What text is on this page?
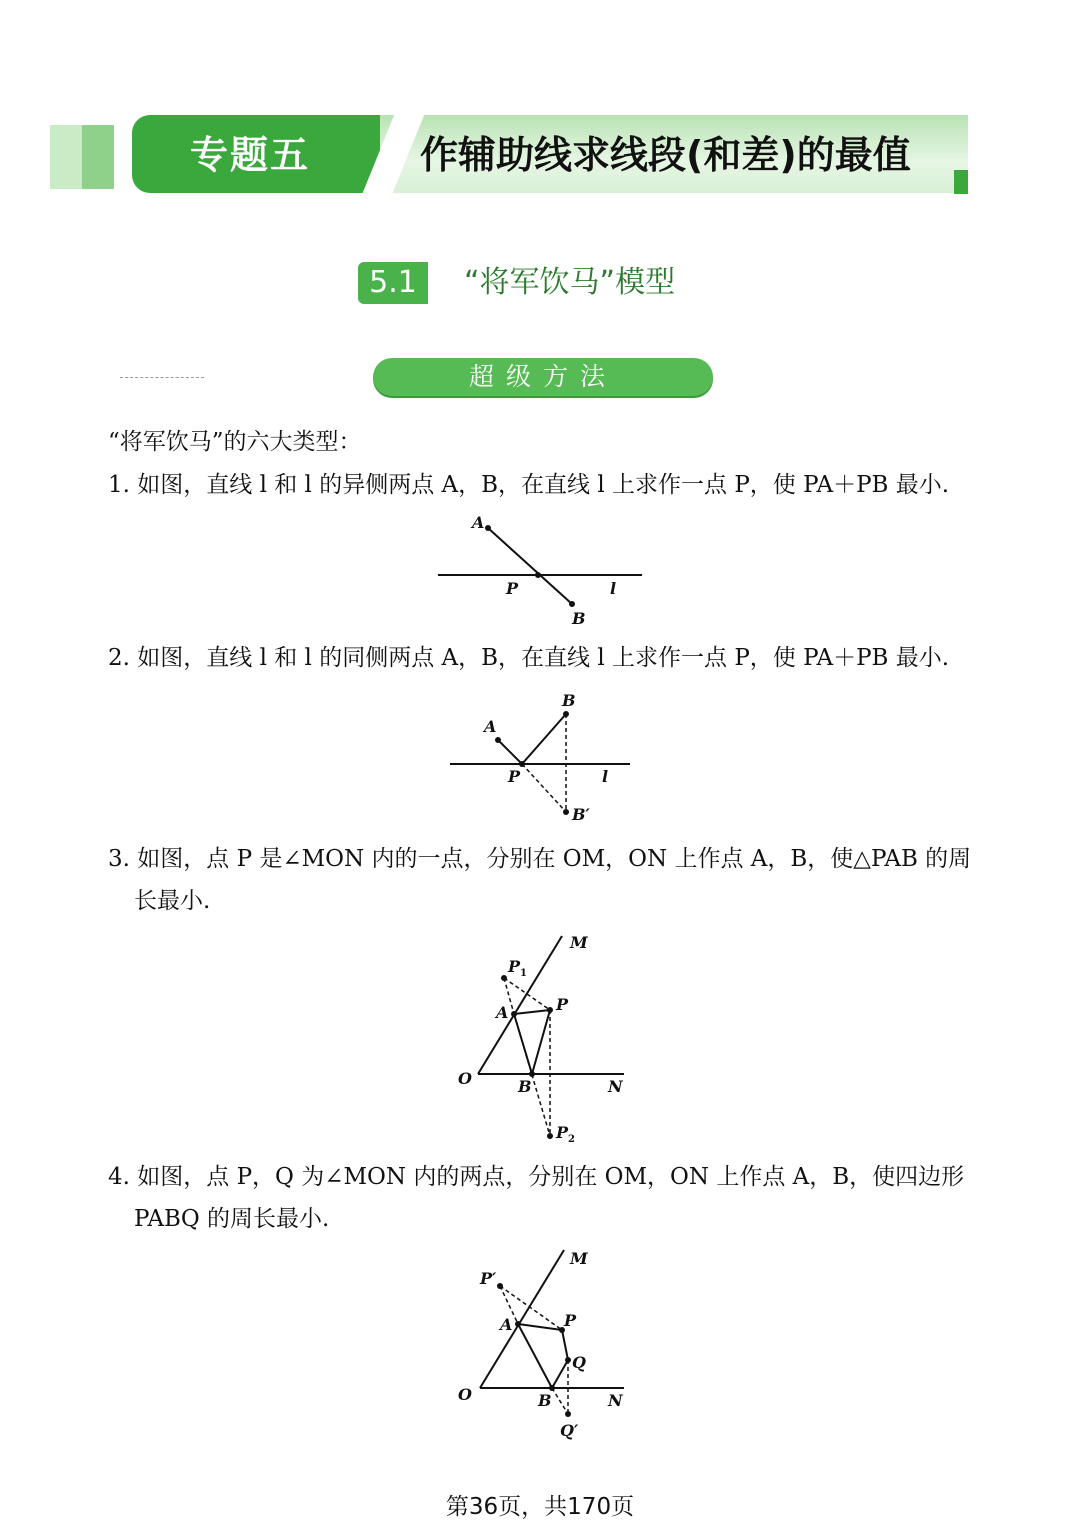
专题五	作辅助线求线段(和差)的最值
5.1	“将军饮马”模型
超级方法
“将军饮马”的六大类型：
1. 如图，直线 l 和 l 的异侧两点 A，B，在直线 l 上求作一点 P，使 PA＋PB 最小.
A
P	l
B
2. 如图，直线 l 和 l 的同侧两点 A，B，在直线 l 上求作一点 P，使 PA＋PB 最小.
A
B
P	l
B′
3. 如图，点 P 是∠MON 内的一点，分别在 OM，ON 上作点 A，B，使△PAB 的周
长最小.
M
$P_1$
P
A
O	B	N
$P_2$
4. 如图，点 P，Q 为∠MON 内的两点，分别在 OM，ON 上作点 A，B，使四边形
PABQ 的周长最小.
M
P′
P
A
Q
O	B	N
Q′
第36页，共170页
